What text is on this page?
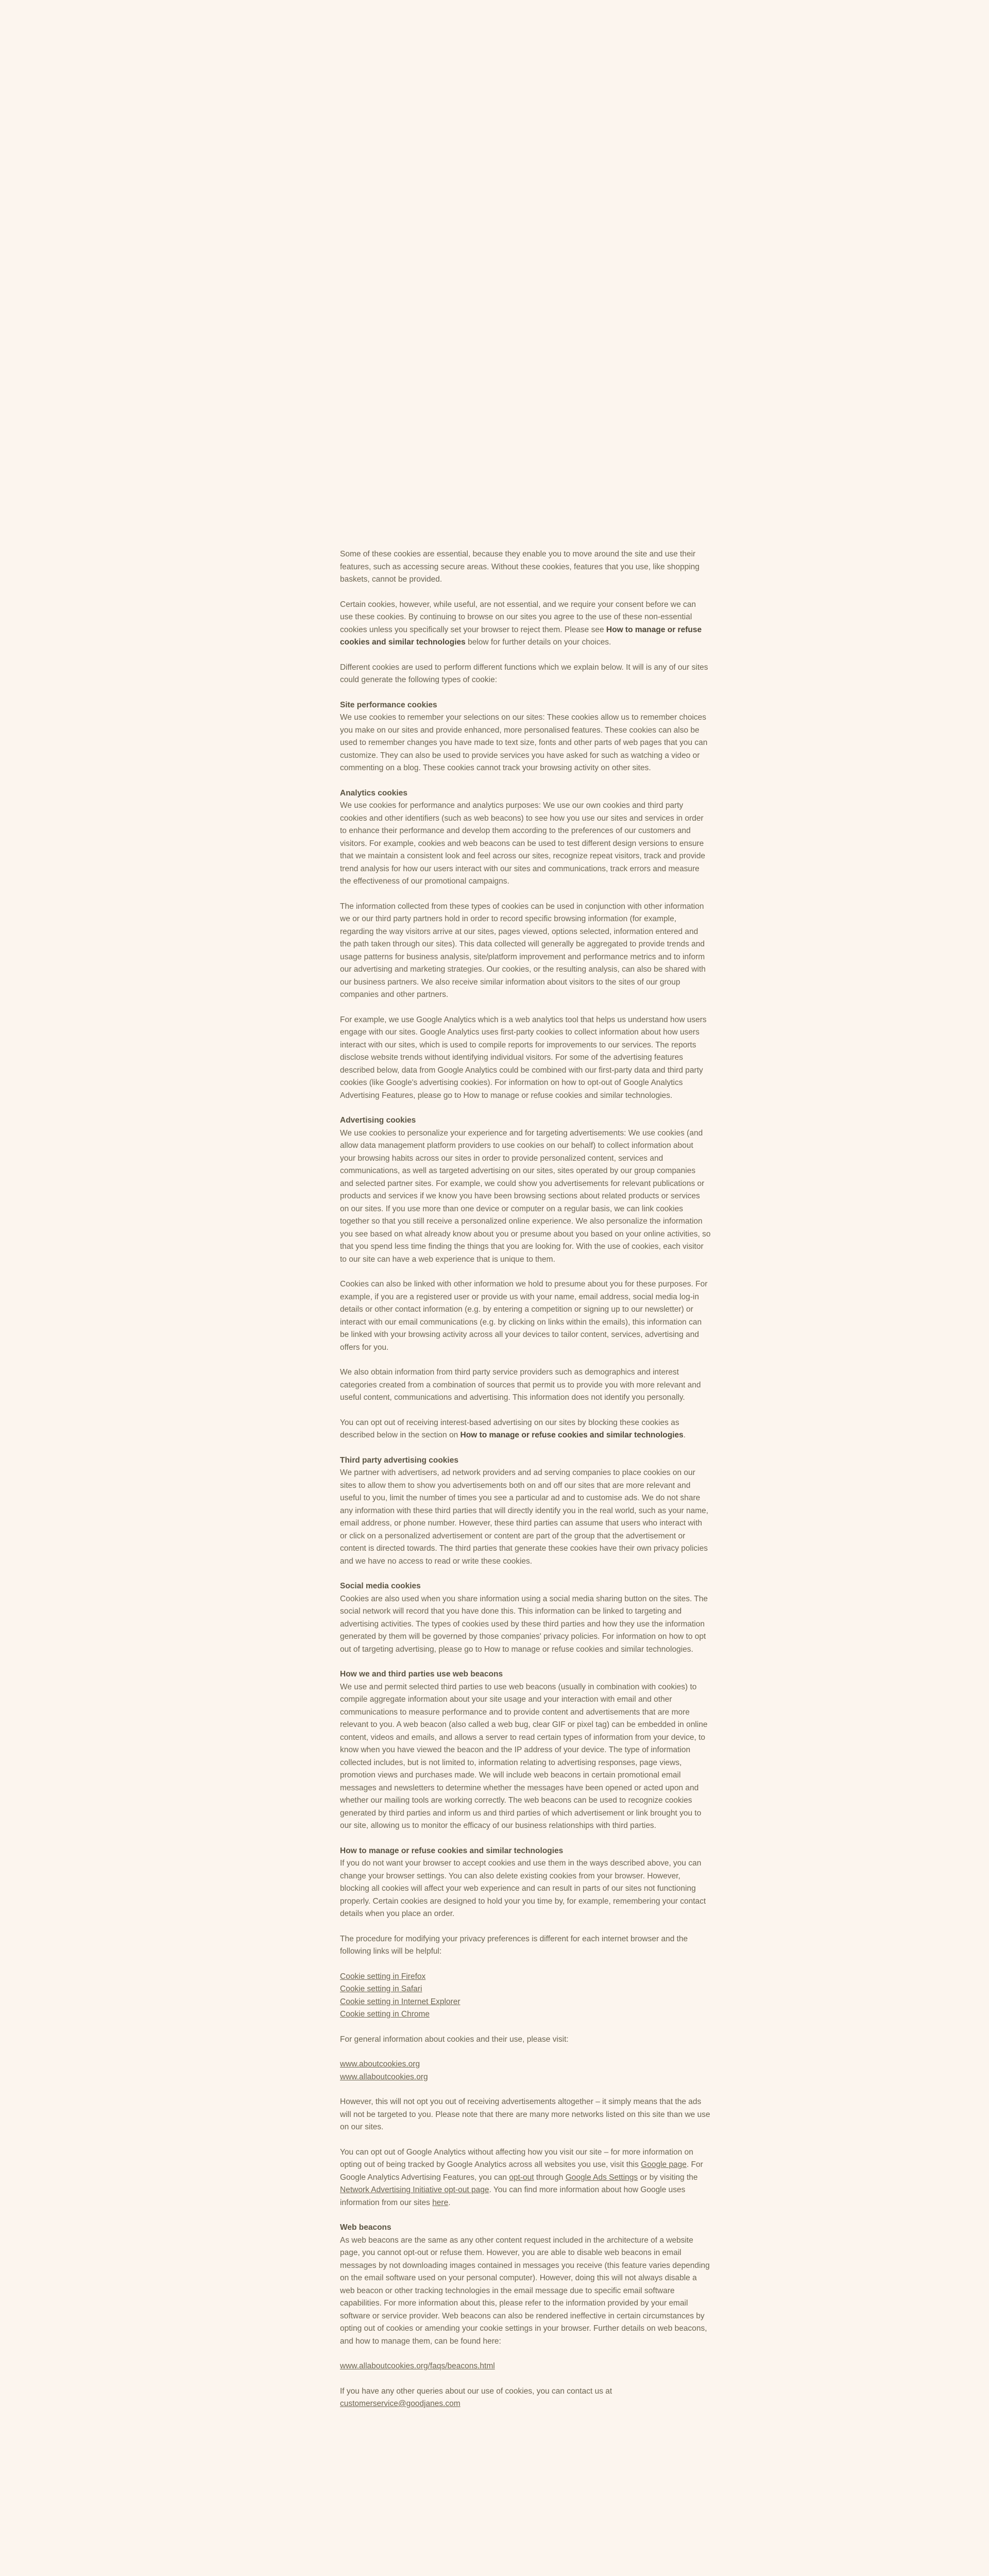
Some of these cookies are essential, because they enable you to move around the site and use their features, such as accessing secure areas. Without these cookies, features that you use, like shopping baskets, cannot be provided.

Certain cookies, however, while useful, are not essential, and we require your consent before we can use these cookies. By continuing to browse on our sites you agree to the use of these non-essential cookies unless you specifically set your browser to reject them. Please see How to manage or refuse cookies and similar technologies below for further details on your choices.

Different cookies are used to perform different functions which we explain below. It will is any of our sites could generate the following types of cookie:

Site performance cookies

We use cookies to remember your selections on our sites: These cookies allow us to remember choices you make on our sites and provide enhanced, more personalised features. These cookies can also be used to remember changes you have made to text size, fonts and other parts of web pages that you can customize. They can also be used to provide services you have asked for such as watching a video or commenting on a blog. These cookies cannot track your browsing activity on other sites.

Analytics cookies

We use cookies for performance and analytics purposes: We use our own cookies and third party cookies and other identifiers (such as web beacons) to see how you use our sites and services in order to enhance their performance and develop them according to the preferences of our customers and visitors. For example, cookies and web beacons can be used to test different design versions to ensure that we maintain a consistent look and feel across our sites, recognize repeat visitors, track and provide trend analysis for how our users interact with our sites and communications, track errors and measure the effectiveness of our promotional campaigns.

The information collected from these types of cookies can be used in conjunction with other information we or our third party partners hold in order to record specific browsing information (for example, regarding the way visitors arrive at our sites, pages viewed, options selected, information entered and the path taken through our sites). This data collected will generally be aggregated to provide trends and usage patterns for business analysis, site/platform improvement and performance metrics and to inform our advertising and marketing strategies. Our cookies, or the resulting analysis, can also be shared with our business partners. We also receive similar information about visitors to the sites of our group companies and other partners.

For example, we use Google Analytics which is a web analytics tool that helps us understand how users engage with our sites. Google Analytics uses first-party cookies to collect information about how users interact with our sites, which is used to compile reports for improvements to our services. The reports disclose website trends without identifying individual visitors. For some of the advertising features described below, data from Google Analytics could be combined with our first-party data and third party cookies (like Google's advertising cookies). For information on how to opt-out of Google Analytics Advertising Features, please go to How to manage or refuse cookies and similar technologies.

Advertising cookies

We use cookies to personalize your experience and for targeting advertisements: We use cookies (and allow data management platform providers to use cookies on our behalf) to collect information about your browsing habits across our sites in order to provide personalized content, services and communications, as well as targeted advertising on our sites, sites operated by our group companies and selected partner sites. For example, we could show you advertisements for relevant publications or products and services if we know you have been browsing sections about related products or services on our sites. If you use more than one device or computer on a regular basis, we can link cookies together so that you still receive a personalized online experience. We also personalize the information you see based on what already know about you or presume about you based on your online activities, so that you spend less time finding the things that you are looking for. With the use of cookies, each visitor to our site can have a web experience that is unique to them.

Cookies can also be linked with other information we hold to presume about you for these purposes. For example, if you are a registered user or provide us with your name, email address, social media log-in details or other contact information (e.g. by entering a competition or signing up to our newsletter) or interact with our email communications (e.g. by clicking on links within the emails), this information can be linked with your browsing activity across all your devices to tailor content, services, advertising and offers for you.

We also obtain information from third party service providers such as demographics and interest categories created from a combination of sources that permit us to provide you with more relevant and useful content, communications and advertising. This information does not identify you personally.

You can opt out of receiving interest-based advertising on our sites by blocking these cookies as described below in the section on How to manage or refuse cookies and similar technologies.

Third party advertising cookies

We partner with advertisers, ad network providers and ad serving companies to place cookies on our sites to allow them to show you advertisements both on and off our sites that are more relevant and useful to you, limit the number of times you see a particular ad and to customise ads. We do not share any information with these third parties that will directly identify you in the real world, such as your name, email address, or phone number. However, these third parties can assume that users who interact with or click on a personalized advertisement or content are part of the group that the advertisement or content is directed towards. The third parties that generate these cookies have their own privacy policies and we have no access to read or write these cookies.

Social media cookies

Cookies are also used when you share information using a social media sharing button on the sites. The social network will record that you have done this. This information can be linked to targeting and advertising activities. The types of cookies used by these third parties and how they use the information generated by them will be governed by those companies' privacy policies. For information on how to opt out of targeting advertising, please go to How to manage or refuse cookies and similar technologies.

How we and third parties use web beacons

We use and permit selected third parties to use web beacons (usually in combination with cookies) to compile aggregate information about your site usage and your interaction with email and other communications to measure performance and to provide content and advertisements that are more relevant to you. A web beacon (also called a web bug, clear GIF or pixel tag) can be embedded in online content, videos and emails, and allows a server to read certain types of information from your device, to know when you have viewed the beacon and the IP address of your device. The type of information collected includes, but is not limited to, information relating to advertising responses, page views, promotion views and purchases made. We will include web beacons in certain promotional email messages and newsletters to determine whether the messages have been opened or acted upon and whether our mailing tools are working correctly. The web beacons can be used to recognize cookies generated by third parties and inform us and third parties of which advertisement or link brought you to our site, allowing us to monitor the efficacy of our business relationships with third parties.

How to manage or refuse cookies and similar technologies

If you do not want your browser to accept cookies and use them in the ways described above, you can change your browser settings. You can also delete existing cookies from your browser. However, blocking all cookies will affect your web experience and can result in parts of our sites not functioning properly. Certain cookies are designed to hold your you time by, for example, remembering your contact details when you place an order.

The procedure for modifying your privacy preferences is different for each internet browser and the following links will be helpful:

Cookie setting in Firefox

Cookie setting in Safari

Cookie setting in Internet Explorer

Cookie setting in Chrome

For general information about cookies and their use, please visit:

www.aboutcookies.org

www.allaboutcookies.org

However, this will not opt you out of receiving advertisements altogether – it simply means that the ads will not be targeted to you. Please note that there are many more networks listed on this site than we use on our sites.

You can opt out of Google Analytics without affecting how you visit our site – for more information on opting out of being tracked by Google Analytics across all websites you use, visit this Google page. For Google Analytics Advertising Features, you can opt-out through Google Ads Settings or by visiting the Network Advertising Initiative opt-out page. You can find more information about how Google uses information from our sites here.

Web beacons

As web beacons are the same as any other content request included in the architecture of a website page, you cannot opt-out or refuse them. However, you are able to disable web beacons in email messages by not downloading images contained in messages you receive (this feature varies depending on the email software used on your personal computer). However, doing this will not always disable a web beacon or other tracking technologies in the email message due to specific email software capabilities. For more information about this, please refer to the information provided by your email software or service provider. Web beacons can also be rendered ineffective in certain circumstances by opting out of cookies or amending your cookie settings in your browser. Further details on web beacons, and how to manage them, can be found here:

www.allaboutcookies.org/faqs/beacons.html

If you have any other queries about our use of cookies, you can contact us at customerservice@goodjanes.com
